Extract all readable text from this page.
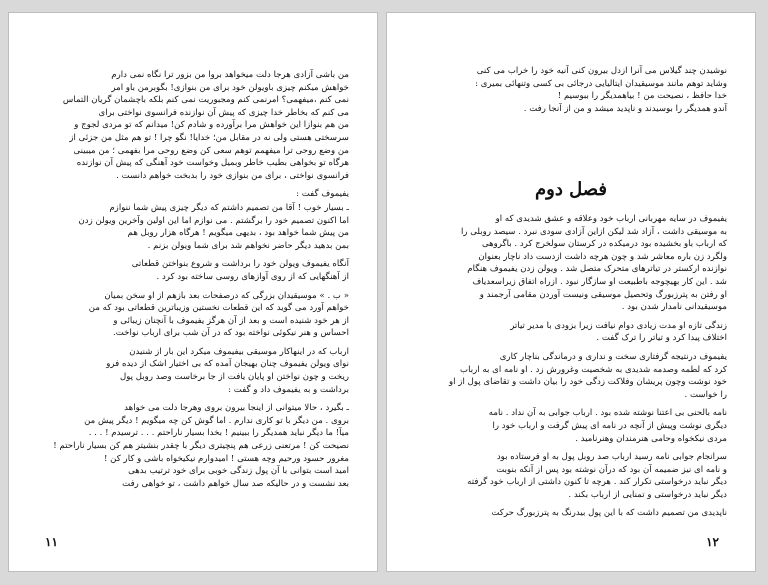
من باشی آزادی هرجا دلت میخواهد بروا من بزور ترا نگاه نمی دارم
خواهش میکنم چیزی باویولن خود برای من بنوازی! بگوبرمن باو امر
نمی کنم ،میفهمی؟ امرنمی کنم ومجبوریت نمی کنم بلکه باچشمان گریان التماس
می کنم که بخاطر خدا چیزی که پیش آن نوازنده فرانسوی نواختی برای
من هم بنوازا این خواهش مرا برآورده و شادم کن! میدانم که تو مردی لجوج و
سرسختی هستی ولی نه در مقابل من؛ خدایا! نگو چرا ! تو هم مثل من جزئی از
من وضع روحی ترا میفهمم توهم سعی کن وضع روحی مرا بفهمی ؛ من میبینی
هرگاه تو بخواهی بطیب خاطر وبمیل وخواست خود آهنگی که پیش آن نوازنده
فرانسوی نواختی ، برای من بنوازی خود را بدبخت خواهم دانست .

یفیموف گفت :

ـ بسیار خوب ! آقا من تصمیم داشتم که دیگر چیزی پیش شما ننوازم
اما اکنون تصمیم خود را برگشتم . می نوازم اما این اولین وآخرین ویولن زدن
من پیش شما خواهد بود ، بدیهی میگویم ! هرگاه هزار روبل هم
بمن بدهید دیگر حاضر نخواهم شد برای شما ویولن بزنم .

آنگاه یفیموف ویولن خود را برداشت و شروع بنواختن قطعاتی
از آهنگهایی که از روی آوازهای روسی ساخته بود کرد .

« ب . » موسیقیدان بزرگی که درصفحات بعد بازهم از او سخن بمیان
خواهم آورد می گوید که این قطعات نخستین وزیباترین قطعاتی بود که من
از هر خود شنیده است و بعد از آن هرگز یفیموف با آنچنان زیبائی و
احساس و هنر نیکوئی نواخته بود که در آن شب برای ارباب نواخت.

ارباب که در اینهاکار موسیقی بیفیموف میکرد این بار از شنیدن
نوای ویولن یفیموف چنان بهیجان آمده که بی اختیار اشک از دیده فرو
ریخت و چون نواختن او پایان یافت از جا برخاست وصد روبل پول
برداشت و به یفیموف داد و گفت :

ـ بگیرد ، حالا میتوانی از اینجا بیرون بروی وهرجا دلت می خواهد
بروی . من دیگر با تو کاری ندارم . اما گوش کن چه میگویم ! دیگر پیش من
میآ! ما دیگر نباید همدیگر را ببینیم ! بخدا بسیار ناراحتم . . . ترسیدم ! . . .
نصیحت کن ! مرتعنی زرعی هم پنچیتری دیگر با چقدر بنشیتر هم کن بسیار ناراحتم !
مغرور حسود ورحیم وچه هستی ! امیدوارم نیکیخواه باشی و کار کن !
امید است بتوانی با آن پول زندگی خوبی برای خود ترتیب بدهی
بعد نشست و در حالیکه صد سال خواهم داشت ، تو خواهی رفت

۱۱

نوشیدن چند گیلاس می آنرا ازدل بیرون کنی آنیه خود را خراب می کنی
وشاید توهم مانند موسیقیدان ایتالیایی درجائی بی کسی وتنهائی بمیری :
خدا حافظ ، نصیحت من ! بیاهمدیگر را ببوسیم !
آندو همدیگر را بوسیدند و ناپدید میشد و من از آنجا رفت .

فصل دوم

یفیموف در سایه مهربانی ارباب خود وعلاقه و عشق شدیدی که او
به موسیقی داشت ، آزاد شد لیکن ازاین آزادی سودی نبرد . سیصد روبلی را
که ارباب باو بخشیده بود درمیکده در کرستان سولخرج کرد . باگروهی
ولگرد زن باره معاشر شد و چون هرچه داشت ازدست داد ناچار بعنوان
نوازنده ارکستر در تیاترهای متحرک متصل شد . ویولن زدن یفیموف هنگام
شد . این کار بهیچوجه باطبیعت او سازگار نبود . ازراه اتفاق زیراسعدیاف
او رفتن به پترزبورگ وتحصیل موسیقی ونیست آوردن مقامی آرجمند و
موسیقیدانی نامدار شدن بود .

زندگی تازه او مدت زیادی دوام نیافت زیرا بزودی با مدیر تیاتر
اختلاف پیدا کرد و تیاتر را ترک گفت .

یفیموف درنتیجه گرفتاری سخت و نداری و درماندگی بناچار کاری
کرد که لطمه وصدمه شدیدی به شخصیت وغرورش زد . او نامه ای به ارباب
خود نوشت وچون پریشان وفلاکت زدگی خود را بیان داشت و تقاضای پول از او
را خواست .

نامه بالحنی بی اعتنا نوشته شده بود . ارباب جوابی به آن نداد . نامه
دیگری نوشت وپیش از آنچه در نامه ای پیش گرفت و ارباب خود را
مردی نیکخواه وحامی هنرمندان وهنرنامید .

سرانجام جوابی نامه رسید ارباب صد روبل پول به او فرستاده بود
و نامه ای نیز ضمیمه آن بود که درآن نوشته بود پس از آنکه بنوبت
دیگر نباید درخواستی تکرار کند . هرچه تا کنون داشتی از ارباب خود گرفته
دیگر نباید درخواستی و تمنایی از ارباب بکند .

ناپدیدی من تصمیم داشت که با این پول بیدرنگ به پترزبورگ حرکت

۱۲
